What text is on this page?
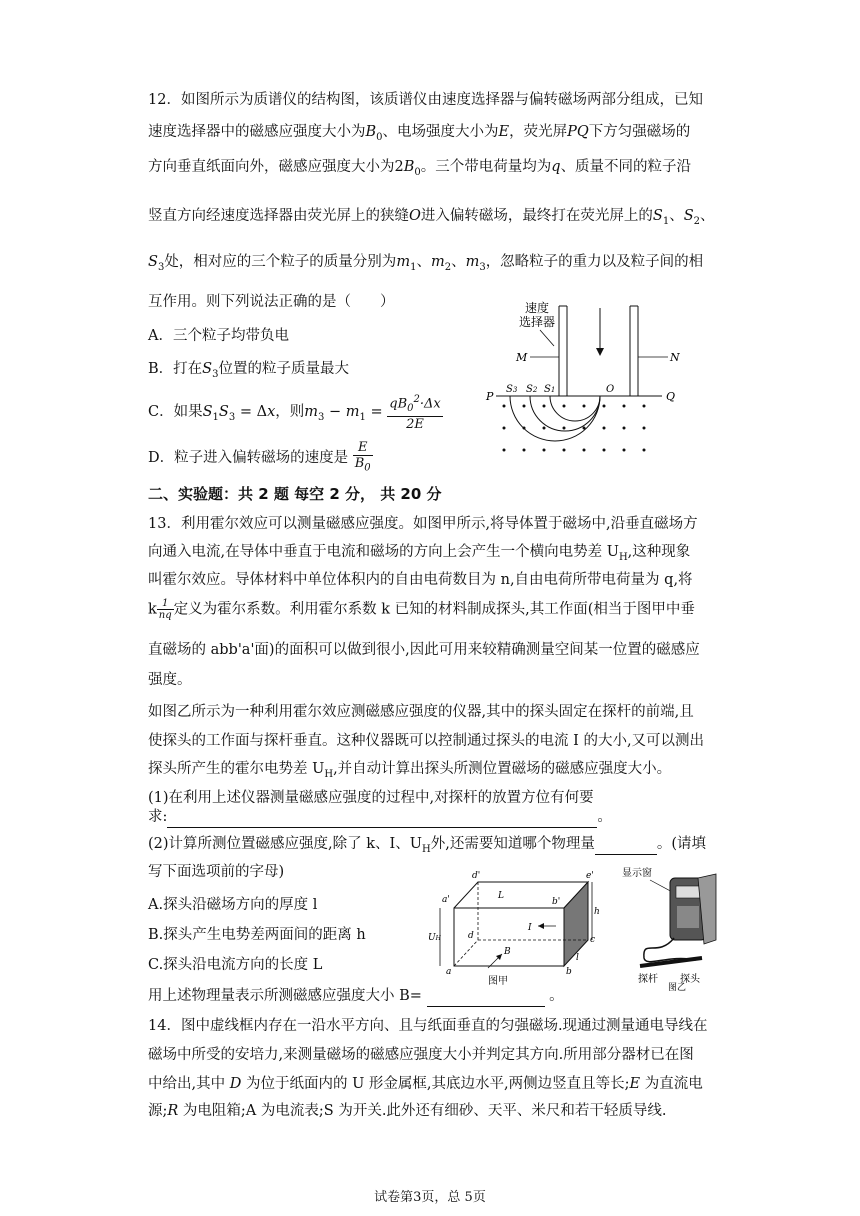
12．如图所示为质谱仪的结构图，该质谱仪由速度选择器与偏转磁场两部分组成，已知
速度选择器中的磁感应强度大小为$B_0$、电场强度大小为E，荧光屏PQ下方匀强磁场的
方向垂直纸面向外，磁感应强度大小为$2B_0$。三个带电荷量均为q、质量不同的粒子沿
竖直方向经速度选择器由荧光屏上的狭缝O进入偏转磁场，最终打在荧光屏上的$S_1$、$S_2$、
$S_3$处，相对应的三个粒子的质量分别为$m_1$、$m_2$、$m_3$，忽略粒子的重力以及粒子间的相
互作用。则下列说法正确的是（　　）
A．三个粒子均带负电
B．打在$S_3$位置的粒子质量最大
C．如果$S_1S_3 = \Delta x$，则$m_3 - m_1 = \frac{qB_0^2\cdot\Delta x}{2E}$
D．粒子进入偏转磁场的速度是 $\frac{E}{B_0}$
速度
选择器
M	N
P	Q
S3 S2 S1	O
二、实验题：共 2 题 每空 2 分， 共 20 分
13．利用霍尔效应可以测量磁感应强度。如图甲所示,将导体置于磁场中,沿垂直磁场方
向通入电流,在导体中垂直于电流和磁场的方向上会产生一个横向电势差 $U_H$,这种现象
叫霍尔效应。导体材料中单位体积内的自由电荷数目为 n,自由电荷所带电荷量为 q,将
k $\frac{1}{nq}$ 定义为霍尔系数。利用霍尔系数 k 已知的材料制成探头,其工作面(相当于图甲中垂
直磁场的 abb'a'面)的面积可以做到很小,因此可用来较精确测量空间某一位置的磁感应
强度。
如图乙所示为一种利用霍尔效应测磁感应强度的仪器,其中的探头固定在探杆的前端,且
使探头的工作面与探杆垂直。这种仪器既可以控制通过探头的电流 I 的大小,又可以测出
探头所产生的霍尔电势差 $U_H$,并自动计算出探头所测位置磁场的磁感应强度大小。
(1)在利用上述仪器测量磁感应强度的过程中,对探杆的放置方位有何要
求:	。
(2)计算所测位置磁感应强度,除了 k、I、$U_H$外,还需要知道哪个物理量	。(请填
写下面选项前的字母)
A.探头沿磁场方向的厚度 l
B.探头产生电势差两面间的距离 h
C.探头沿电流方向的长度 L
用上述物理量表示所测磁感应强度大小 B=	。
d'	e'
a'	b'
L
d	c
a	b
I
B
h
l
UH
图甲
显示窗
探杆 探头
图乙
14．图中虚线框内存在一沿水平方向、且与纸面垂直的匀强磁场.现通过测量通电导线在
磁场中所受的安培力,来测量磁场的磁感应强度大小并判定其方向.所用部分器材已在图
中给出,其中 D 为位于纸面内的 U 形金属框,其底边水平,两侧边竖直且等长;E 为直流电
源;R 为电阻箱;A 为电流表;S 为开关.此外还有细砂、天平、米尺和若干轻质导线.
试卷第3页，总 5页
